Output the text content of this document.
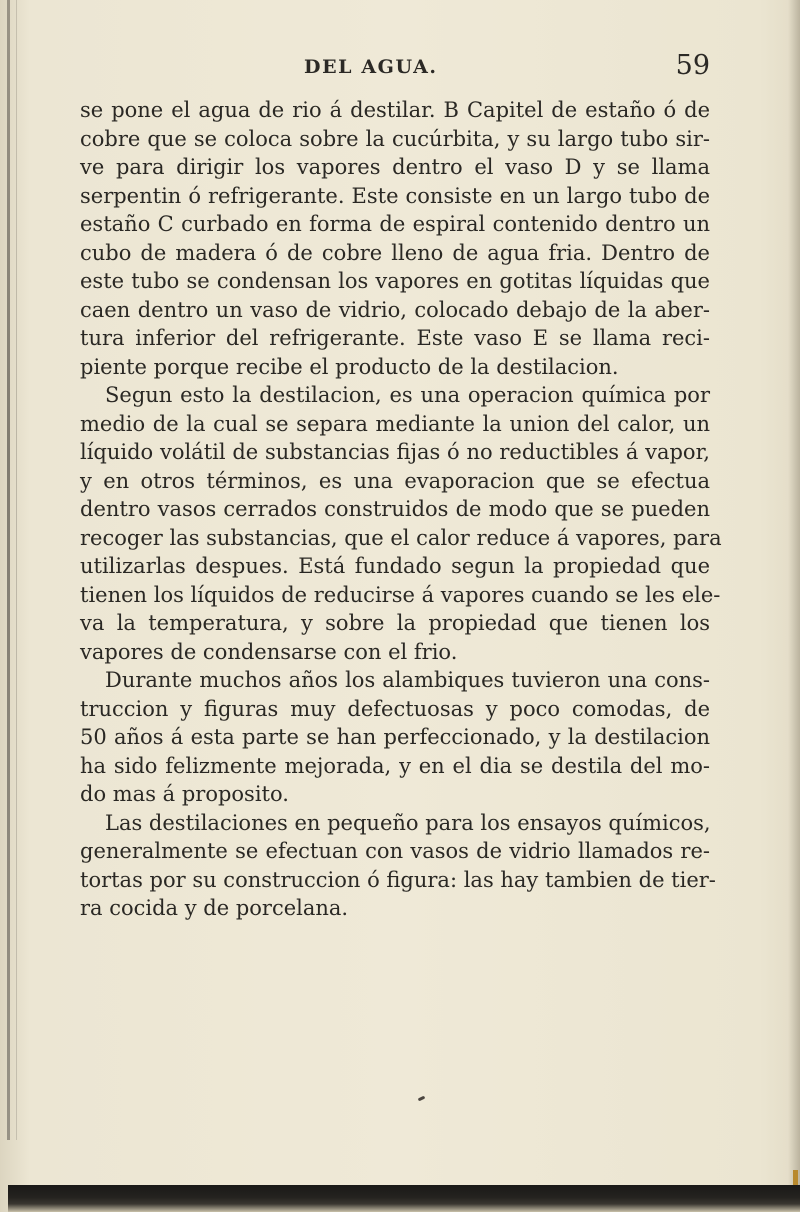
DEL AGUA.	59
se pone el agua de rio á destilar. B Capitel de estaño ó de
cobre que se coloca sobre la cucúrbita, y su largo tubo sir-
ve para dirigir los vapores dentro el vaso D y se llama
serpentin ó refrigerante. Este consiste en un largo tubo de
estaño C curbado en forma de espiral contenido dentro un
cubo de madera ó de cobre lleno de agua fria. Dentro de
este tubo se condensan los vapores en gotitas líquidas que
caen dentro un vaso de vidrio, colocado debajo de la aber-
tura inferior del refrigerante. Este vaso E se llama reci-
piente porque recibe el producto de la destilacion.
Segun esto la destilacion, es una operacion química por
medio de la cual se separa mediante la union del calor, un
líquido volátil de substancias fijas ó no reductibles á vapor,
y en otros términos, es una evaporacion que se efectua
dentro vasos cerrados construidos de modo que se pueden
recoger las substancias, que el calor reduce á vapores, para
utilizarlas despues. Está fundado segun la propiedad que
tienen los líquidos de reducirse á vapores cuando se les ele-
va la temperatura, y sobre la propiedad que tienen los
vapores de condensarse con el frio.
Durante muchos años los alambiques tuvieron una cons-
truccion y figuras muy defectuosas y poco comodas, de
50 años á esta parte se han perfeccionado, y la destilacion
ha sido felizmente mejorada, y en el dia se destila del mo-
do mas á proposito.
Las destilaciones en pequeño para los ensayos químicos,
generalmente se efectuan con vasos de vidrio llamados re-
tortas por su construccion ó figura: las hay tambien de tier-
ra cocida y de porcelana.
